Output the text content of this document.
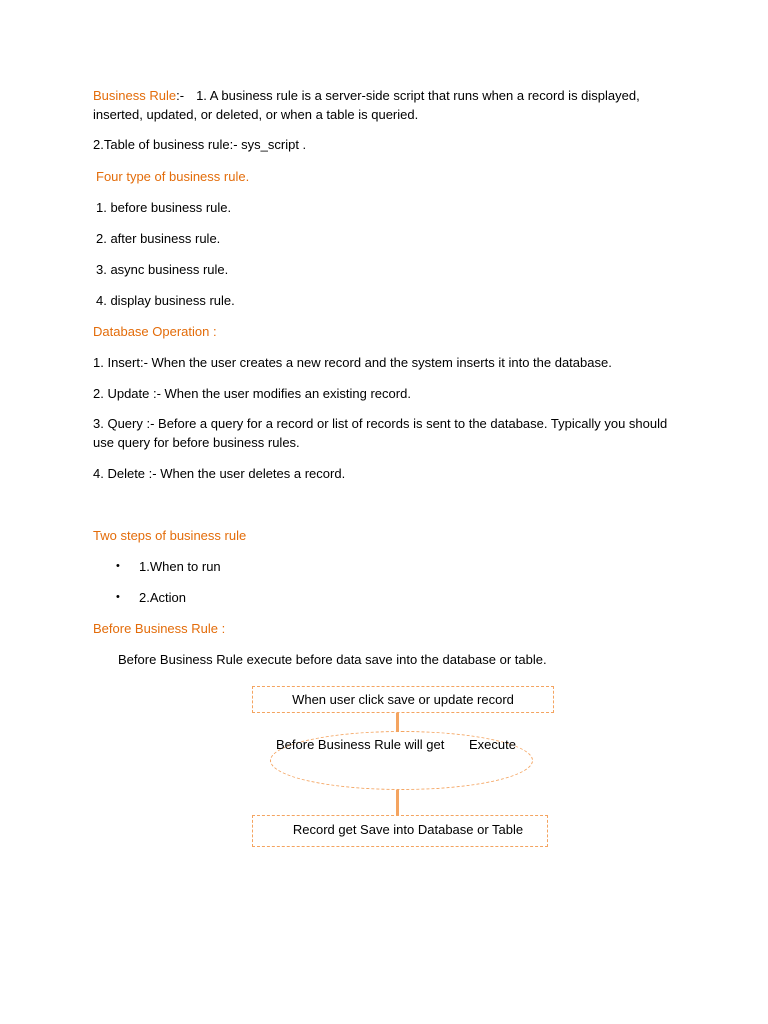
Business Rule:- 1. A business rule is a server-side script that runs when a record is displayed,
inserted, updated, or deleted, or when a table is queried.
2.Table of business rule:- sys_script .
Four type of business rule.
1. before business rule.
2. after business rule.
3. async business rule.
4. display business rule.
Database Operation :
1. Insert:- When the user creates a new record and the system inserts it into the database.
2. Update :- When the user modifies an existing record.
3. Query :- Before a query for a record or list of records is sent to the database. Typically you should
use query for before business rules.
4. Delete :- When the user deletes a record.
Two steps of business rule
• 1.When to run
• 2.Action
Before Business Rule :
Before Business Rule execute before data save into the database or table.
When user click save or update record
Before Business Rule will get Execute
Record get Save into Database or Table
